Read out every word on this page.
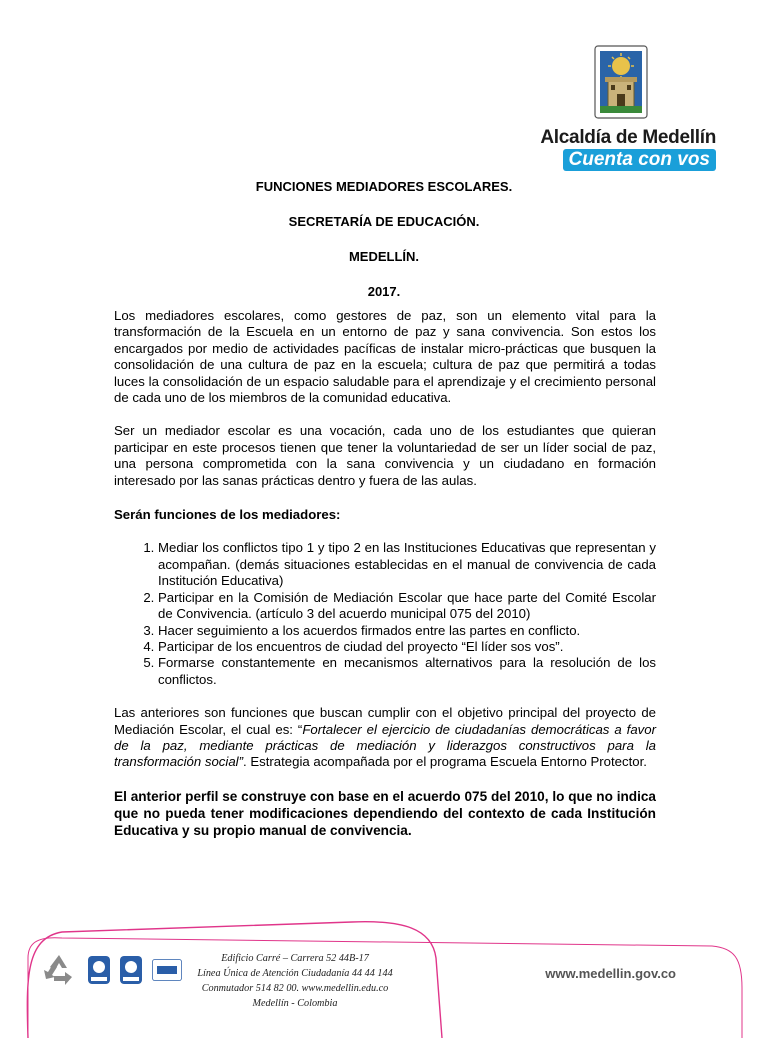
Alcaldía de Medellín
Cuenta con vos
FUNCIONES MEDIADORES ESCOLARES.
SECRETARÍA DE EDUCACIÓN.
MEDELLÍN.
2017.

Los mediadores escolares, como gestores de paz, son un elemento vital para la transformación de la Escuela en un entorno de paz y sana convivencia. Son estos los encargados por medio de actividades pacíficas de instalar micro-prácticas que busquen la consolidación de una cultura de paz en la escuela; cultura de paz que permitirá a todas luces la consolidación de un espacio saludable para el aprendizaje y el crecimiento personal de cada uno de los miembros de la comunidad educativa.

Ser un mediador escolar es una vocación, cada uno de los estudiantes que quieran participar en este procesos tienen que tener la voluntariedad de ser un líder social de paz, una persona comprometida con la sana convivencia y un ciudadano en formación interesado por las sanas prácticas dentro y fuera de las aulas.

Serán funciones de los mediadores:

1. Mediar los conflictos tipo 1 y tipo 2 en las Instituciones Educativas que representan y acompañan. (demás situaciones establecidas en el manual de convivencia de cada Institución Educativa)
2. Participar en la Comisión de Mediación Escolar que hace parte del Comité Escolar de Convivencia. (artículo 3 del acuerdo municipal 075 del 2010)
3. Hacer seguimiento a los acuerdos firmados entre las partes en conflicto.
4. Participar de los encuentros de ciudad del proyecto “El líder sos vos”.
5. Formarse constantemente en mecanismos alternativos para la resolución de los conflictos.

Las anteriores son funciones que buscan cumplir con el objetivo principal del proyecto de Mediación Escolar, el cual es: “Fortalecer el ejercicio de ciudadanías democráticas a favor de la paz, mediante prácticas de mediación y liderazgos constructivos para la transformación social”. Estrategia acompañada por el programa Escuela Entorno Protector.

El anterior perfil se construye con base en el acuerdo 075 del 2010, lo que no indica que no pueda tener modificaciones dependiendo del contexto de cada Institución Educativa y su propio manual de convivencia.

Edificio Carré – Carrera 52 44B-17
Línea Única de Atención Ciudadanía 44 44 144
Conmutador 514 82 00. www.medellin.edu.co
Medellín - Colombia
www.medellin.gov.co
